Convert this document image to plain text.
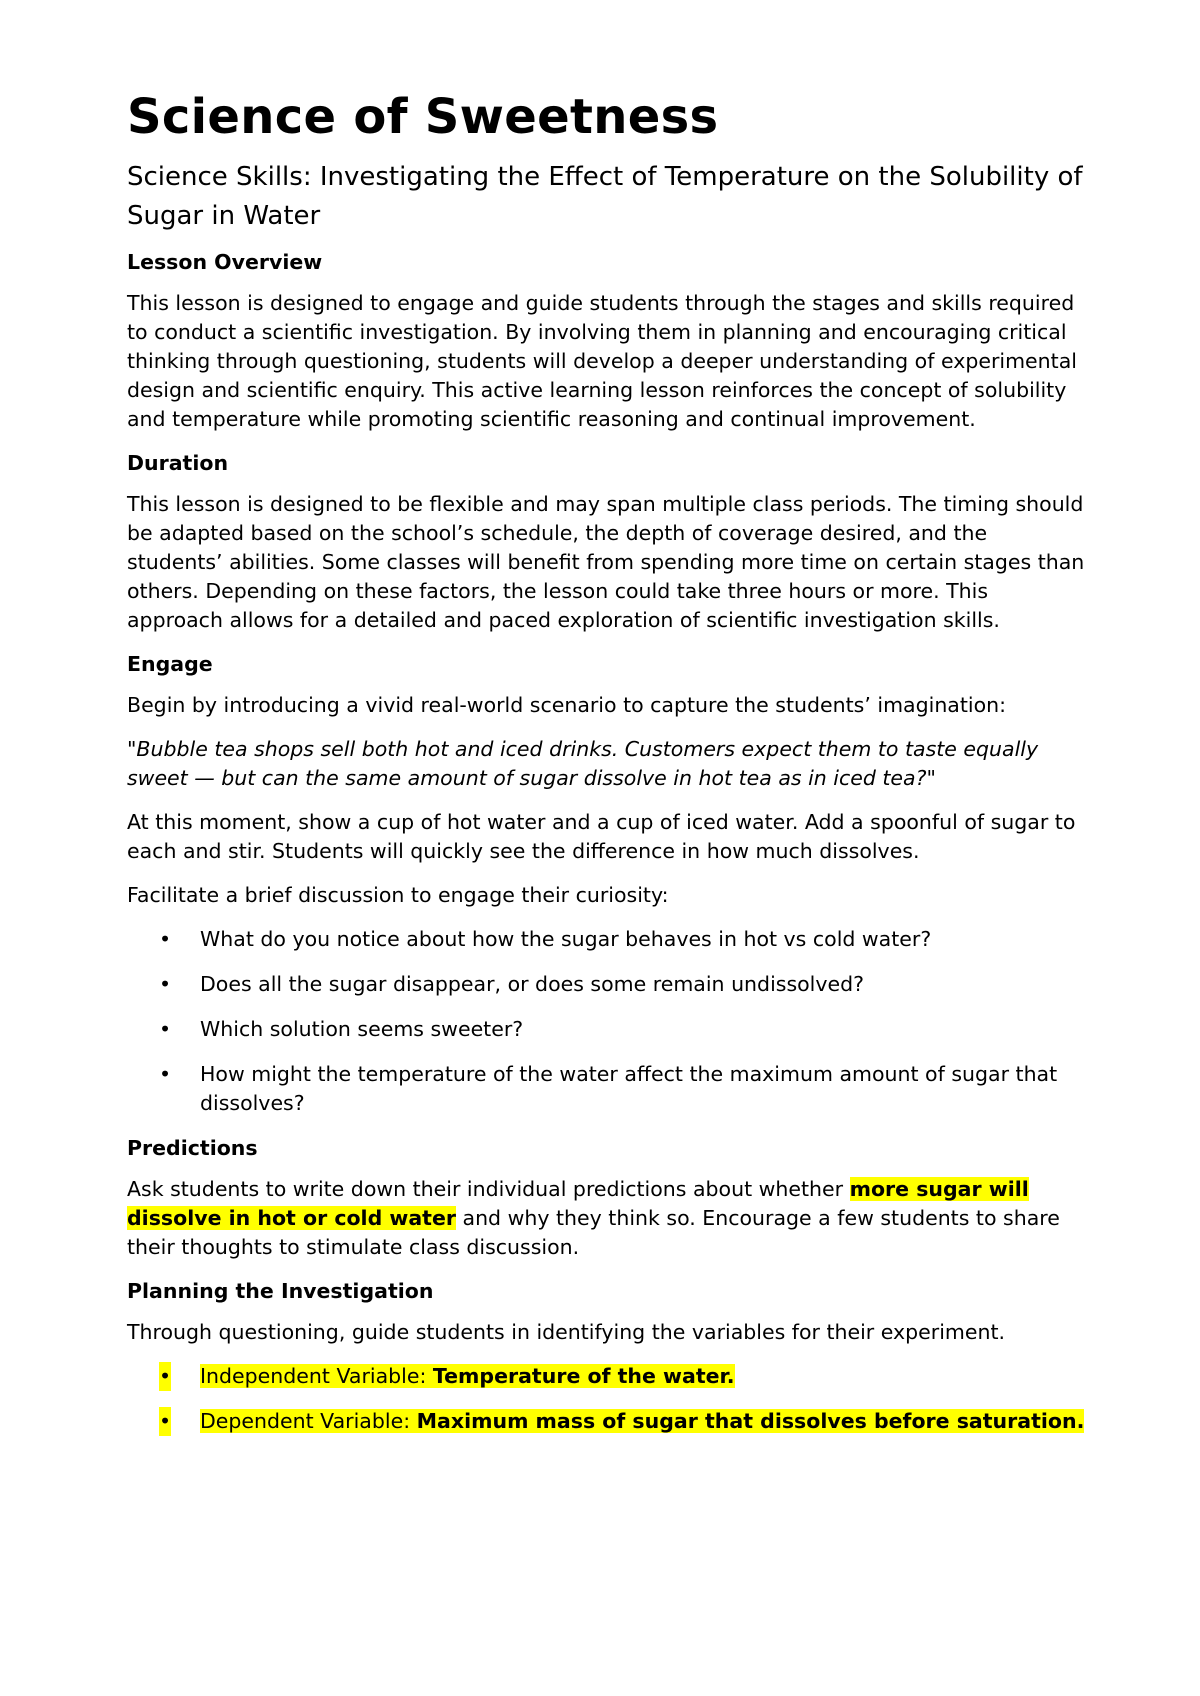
Science of Sweetness
Science Skills: Investigating the Effect of Temperature on the Solubility of Sugar in Water
Lesson Overview

This lesson is designed to engage and guide students through the stages and skills required to conduct a scientific investigation. By involving them in planning and encouraging critical thinking through questioning, students will develop a deeper understanding of experimental design and scientific enquiry. This active learning lesson reinforces the concept of solubility and temperature while promoting scientific reasoning and continual improvement.

Duration

This lesson is designed to be flexible and may span multiple class periods. The timing should be adapted based on the school’s schedule, the depth of coverage desired, and the students’ abilities. Some classes will benefit from spending more time on certain stages than others. Depending on these factors, the lesson could take three hours or more. This approach allows for a detailed and paced exploration of scientific investigation skills.

Engage

Begin by introducing a vivid real-world scenario to capture the students’ imagination:

"Bubble tea shops sell both hot and iced drinks. Customers expect them to taste equally sweet — but can the same amount of sugar dissolve in hot tea as in iced tea?"

At this moment, show a cup of hot water and a cup of iced water. Add a spoonful of sugar to each and stir. Students will quickly see the difference in how much dissolves.

Facilitate a brief discussion to engage their curiosity:

• What do you notice about how the sugar behaves in hot vs cold water?
• Does all the sugar disappear, or does some remain undissolved?
• Which solution seems sweeter?
• How might the temperature of the water affect the maximum amount of sugar that dissolves?
Predictions

Ask students to write down their individual predictions about whether more sugar will dissolve in hot or cold water and why they think so. Encourage a few students to share their thoughts to stimulate class discussion.

Planning the Investigation

Through questioning, guide students in identifying the variables for their experiment.

• Independent Variable: Temperature of the water.
• Dependent Variable: Maximum mass of sugar that dissolves before saturation.
